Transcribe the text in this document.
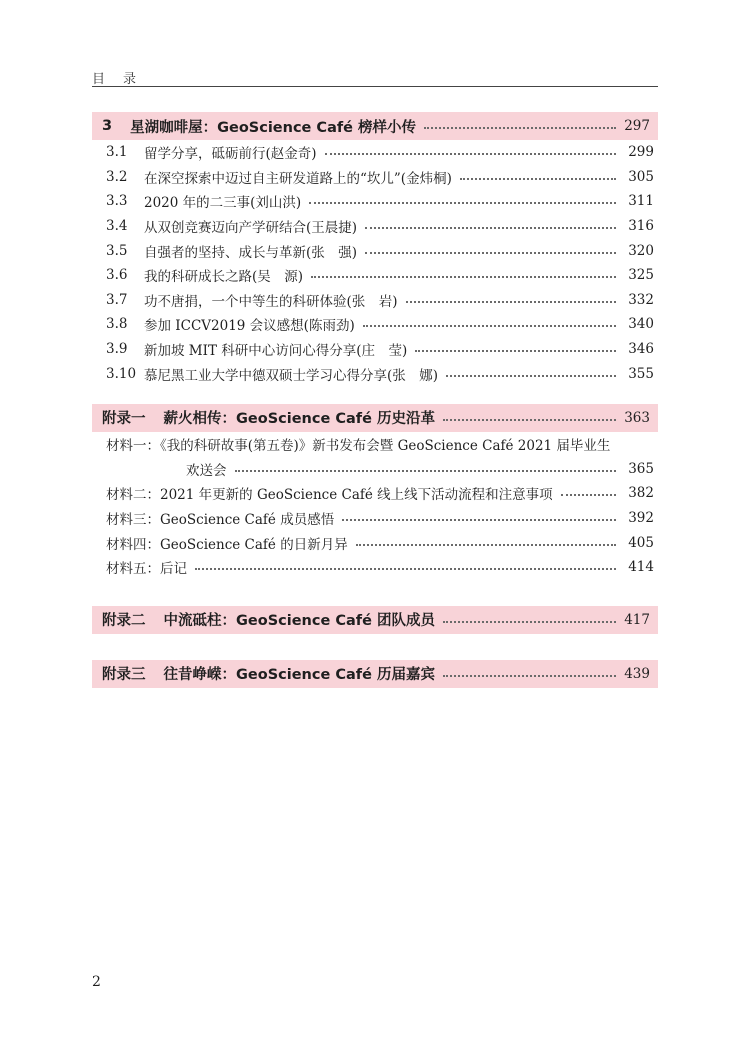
目录
3 星湖咖啡屋：GeoScience Café 榜样小传	297
3.1	留学分享，砥砺前行(赵金奇)	299
3.2	在深空探索中迈过自主研发道路上的“坎儿”(金炜桐)	305
3.3	2020 年的二三事(刘山洪)	311
3.4	从双创竞赛迈向产学研结合(王晨捷)	316
3.5	自强者的坚持、成长与革新(张　强)	320
3.6	我的科研成长之路(吴　源)	325
3.7	功不唐捐，一个中等生的科研体验(张　岩)	332
3.8	参加 ICCV2019 会议感想(陈雨劲)	340
3.9	新加坡 MIT 科研中心访问心得分享(庄　莹)	346
3.10 慕尼黑工业大学中德双硕士学习心得分享(张　娜)	355
附录一 薪火相传：GeoScience Café 历史沿革	363
材料一：《我的科研故事(第五卷)》新书发布会暨 GeoScience Café 2021 届毕业生
欢送会	365
材料二：2021 年更新的 GeoScience Café 线上线下活动流程和注意事项	382
材料三：GeoScience Café 成员感悟	392
材料四：GeoScience Café 的日新月异	405
材料五：后记	414
附录二 中流砥柱：GeoScience Café 团队成员	417
附录三 往昔峥嵘：GeoScience Café 历届嘉宾	439
2
